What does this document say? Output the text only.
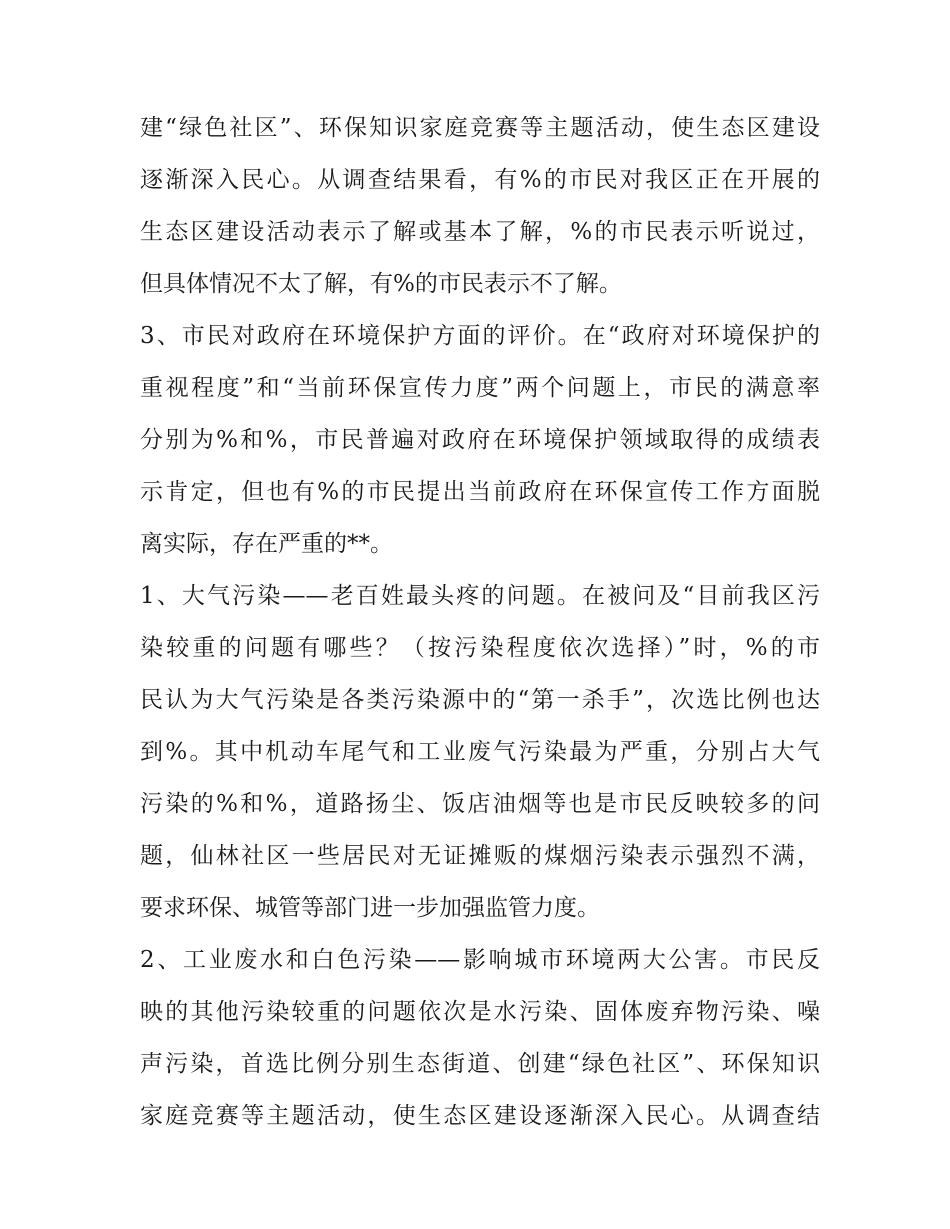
建“绿色社区”、环保知识家庭竞赛等主题活动，使生态区建设
逐渐深入民心。从调查结果看，有%的市民对我区正在开展的
生态区建设活动表示了解或基本了解，%的市民表示听说过，
但具体情况不太了解，有%的市民表示不了解。
3、市民对政府在环境保护方面的评价。在“政府对环境保护的
重视程度”和“当前环保宣传力度”两个问题上，市民的满意率
分别为%和%，市民普遍对政府在环境保护领域取得的成绩表
示肯定，但也有%的市民提出当前政府在环保宣传工作方面脱
离实际，存在严重的**。
1、大气污染——老百姓最头疼的问题。在被问及“目前我区污
染较重的问题有哪些？（按污染程度依次选择）”时，%的市
民认为大气污染是各类污染源中的“第一杀手”，次选比例也达
到%。其中机动车尾气和工业废气污染最为严重，分别占大气
污染的%和%，道路扬尘、饭店油烟等也是市民反映较多的问
题，仙林社区一些居民对无证摊贩的煤烟污染表示强烈不满，
要求环保、城管等部门进一步加强监管力度。
2、工业废水和白色污染——影响城市环境两大公害。市民反
映的其他污染较重的问题依次是水污染、固体废弃物污染、噪
声污染，首选比例分别生态街道、创建“绿色社区”、环保知识
家庭竞赛等主题活动，使生态区建设逐渐深入民心。从调查结
